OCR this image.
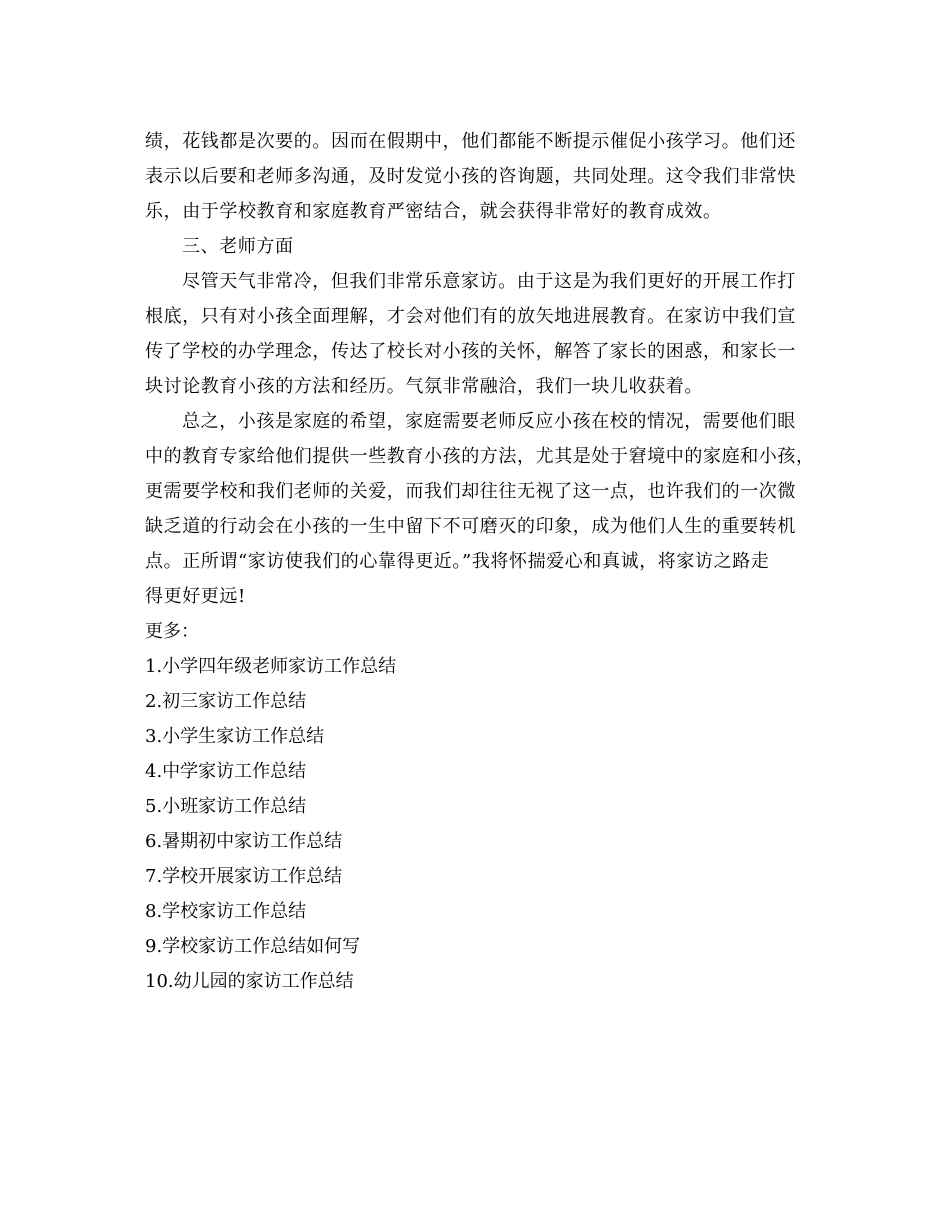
绩，花钱都是次要的。因而在假期中，他们都能不断提示催促小孩学习。他们还
表示以后要和老师多沟通，及时发觉小孩的咨询题，共同处理。这令我们非常快
乐，由于学校教育和家庭教育严密结合，就会获得非常好的教育成效。
三、老师方面
尽管天气非常冷，但我们非常乐意家访。由于这是为我们更好的开展工作打
根底，只有对小孩全面理解，才会对他们有的放矢地进展教育。在家访中我们宣
传了学校的办学理念，传达了校长对小孩的关怀，解答了家长的困惑，和家长一
块讨论教育小孩的方法和经历。气氛非常融洽，我们一块儿收获着。
总之，小孩是家庭的希望，家庭需要老师反应小孩在校的情况，需要他们眼
中的教育专家给他们提供一些教育小孩的方法，尤其是处于窘境中的家庭和小孩，
更需要学校和我们老师的关爱，而我们却往往无视了这一点，也许我们的一次微
缺乏道的行动会在小孩的一生中留下不可磨灭的印象，成为他们人生的重要转机
点。正所谓“家访使我们的心靠得更近。”我将怀揣爱心和真诚，将家访之路走
得更好更远!
更多：
1.小学四年级老师家访工作总结
2.初三家访工作总结
3.小学生家访工作总结
4.中学家访工作总结
5.小班家访工作总结
6.暑期初中家访工作总结
7.学校开展家访工作总结
8.学校家访工作总结
9.学校家访工作总结如何写
10.幼儿园的家访工作总结
